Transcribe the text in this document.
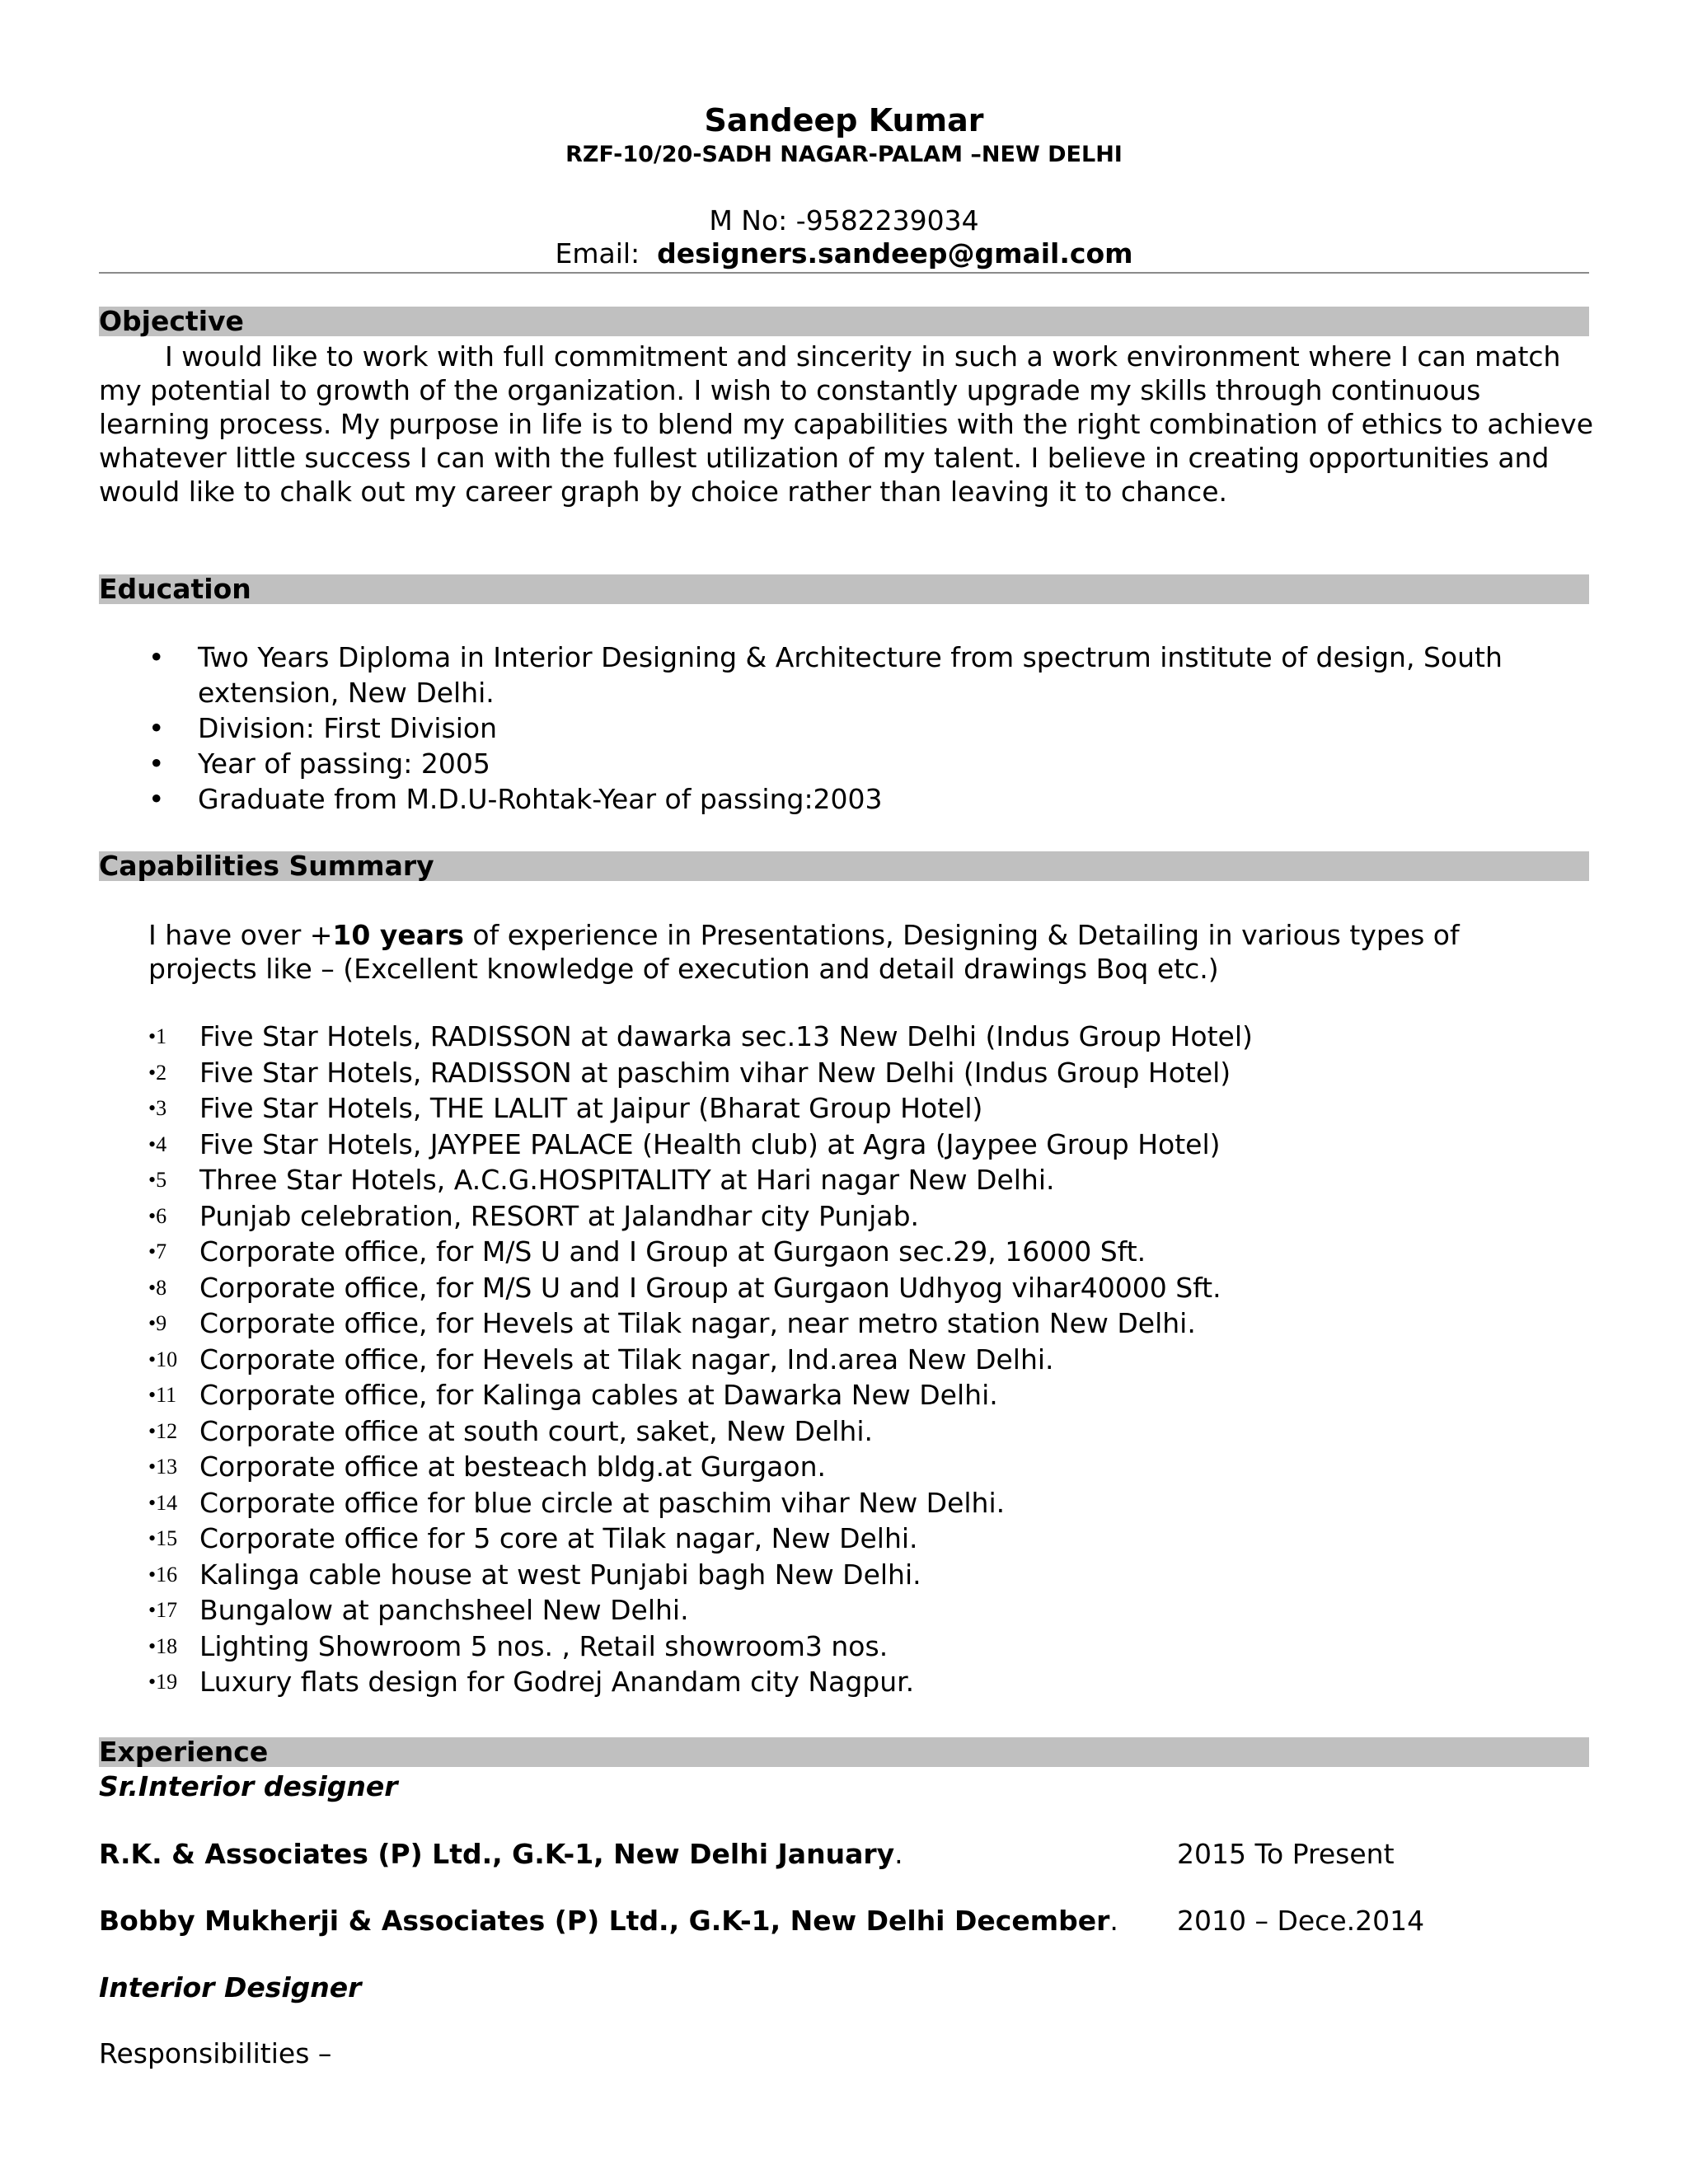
Sandeep Kumar
RZF-10/20-SADH NAGAR-PALAM –NEW DELHI
M No: -9582239034
Email: designers.sandeep@gmail.com
Objective
I would like to work with full commitment and sincerity in such a work environment where I can match my potential to growth of the organization. I wish to constantly upgrade my skills through continuous learning process. My purpose in life is to blend my capabilities with the right combination of ethics to achieve whatever little success I can with the fullest utilization of my talent. I believe in creating opportunities and would like to chalk out my career graph by choice rather than leaving it to chance.
Education
• Two Years Diploma in Interior Designing & Architecture from spectrum institute of design, South extension, New Delhi.
• Division: First Division
• Year of passing: 2005
• Graduate from M.D.U-Rohtak-Year of passing:2003
Capabilities Summary
I have over +10 years of experience in Presentations, Designing & Detailing in various types of projects like – (Excellent knowledge of execution and detail drawings Boq etc.)
•1 Five Star Hotels, RADISSON at dawarka sec.13 New Delhi (Indus Group Hotel)
•2 Five Star Hotels, RADISSON at paschim vihar New Delhi (Indus Group Hotel)
•3 Five Star Hotels, THE LALIT at Jaipur (Bharat Group Hotel)
•4 Five Star Hotels, JAYPEE PALACE (Health club) at Agra (Jaypee Group Hotel)
•5 Three Star Hotels, A.C.G.HOSPITALITY at Hari nagar New Delhi.
•6 Punjab celebration, RESORT at Jalandhar city Punjab.
•7 Corporate office, for M/S U and I Group at Gurgaon sec.29, 16000 Sft.
•8 Corporate office, for M/S U and I Group at Gurgaon Udhyog vihar40000 Sft.
•9 Corporate office, for Hevels at Tilak nagar, near metro station New Delhi.
•10 Corporate office, for Hevels at Tilak nagar, Ind.area New Delhi.
•11 Corporate office, for Kalinga cables at Dawarka New Delhi.
•12 Corporate office at south court, saket, New Delhi.
•13 Corporate office at besteach bldg.at Gurgaon.
•14 Corporate office for blue circle at paschim vihar New Delhi.
•15 Corporate office for 5 core at Tilak nagar, New Delhi.
•16 Kalinga cable house at west Punjabi bagh New Delhi.
•17 Bungalow at panchsheel New Delhi.
•18 Lighting Showroom 5 nos. , Retail showroom3 nos.
•19 Luxury flats design for Godrej Anandam city Nagpur.
Experience
Sr.Interior designer
R.K. & Associates (P) Ltd., G.K-1, New Delhi January.	2015 To Present
Bobby Mukherji & Associates (P) Ltd., G.K-1, New Delhi December. 2010 – Dece.2014
Interior Designer
Responsibilities –
